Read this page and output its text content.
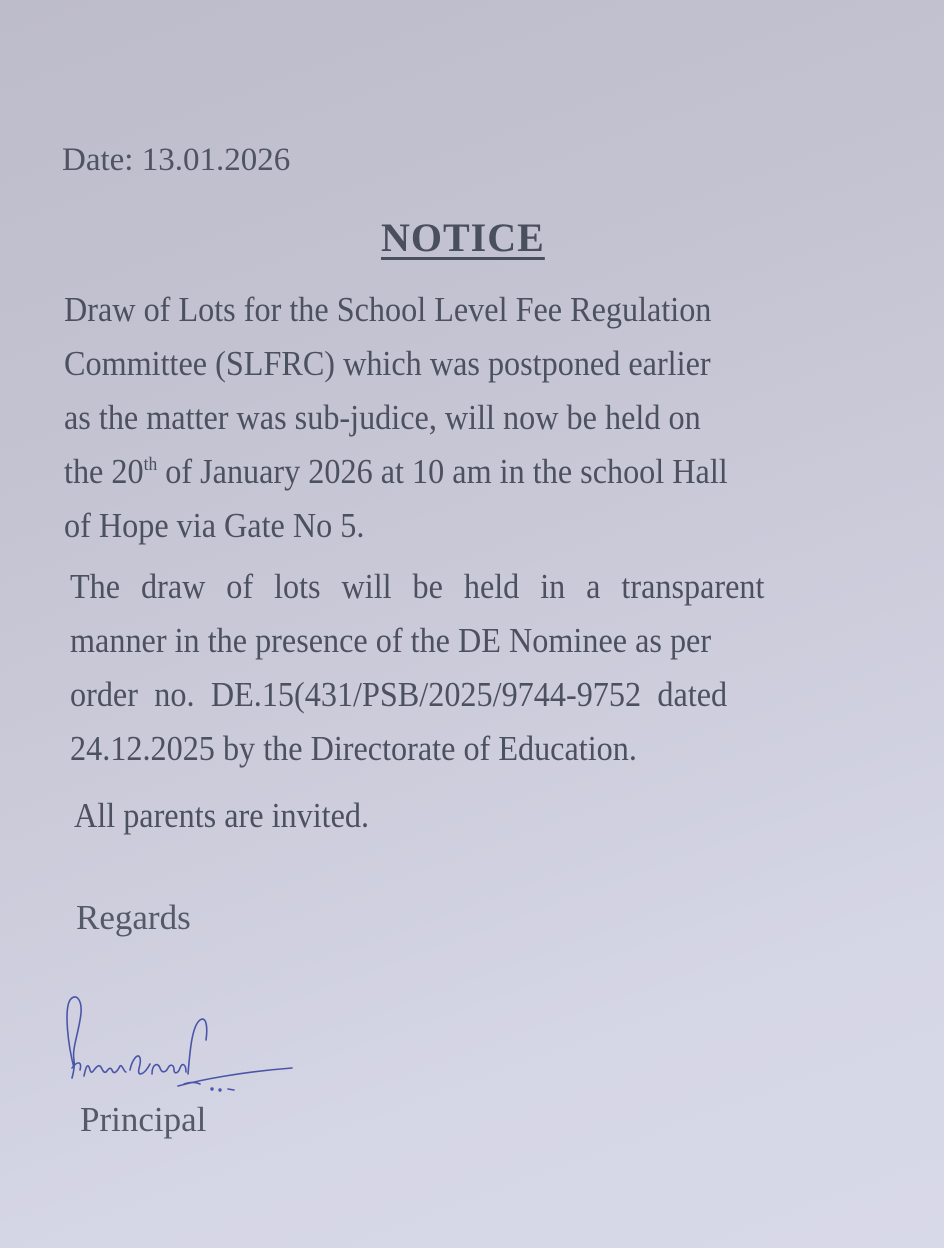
Date: 13.01.2026
NOTICE
Draw of Lots for the School Level Fee Regulation
Committee (SLFRC) which was postponed earlier
as the matter was sub-judice, will now be held on
the 20th of January 2026 at 10 am in the school Hall
of Hope via Gate No 5.
The draw of lots will be held in a transparent
manner in the presence of the DE Nominee as per
order no. DE.15(431/PSB/2025/9744-9752 dated
24.12.2025 by the Directorate of Education.
All parents are invited.
Regards
Principal
